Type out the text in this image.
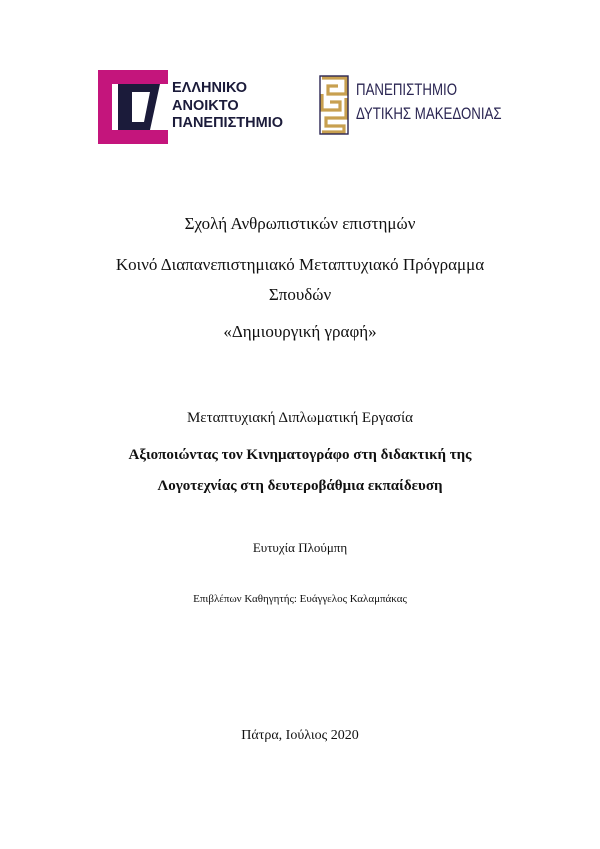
ΕΛΛΗΝΙΚΟ
ΑΝΟΙΚΤΟ
ΠΑΝΕΠΙΣΤΗΜΙΟ
ΠΑΝΕΠΙΣΤΗΜΙΟ
ΔΥΤΙΚΗΣ ΜΑΚΕΔΟΝΙΑΣ
Σχολή Ανθρωπιστικών επιστημών
Κοινό Διαπανεπιστημιακό Μεταπτυχιακό Πρόγραμμα
Σπουδών
«Δημιουργική γραφή»
Μεταπτυχιακή Διπλωματική Εργασία
Αξιοποιώντας τον Κινηματογράφο στη διδακτική της
Λογοτεχνίας στη δευτεροβάθμια εκπαίδευση
Ευτυχία Πλούμπη
Επιβλέπων Καθηγητής: Ευάγγελος Καλαμπάκας
Πάτρα, Ιούλιος 2020
